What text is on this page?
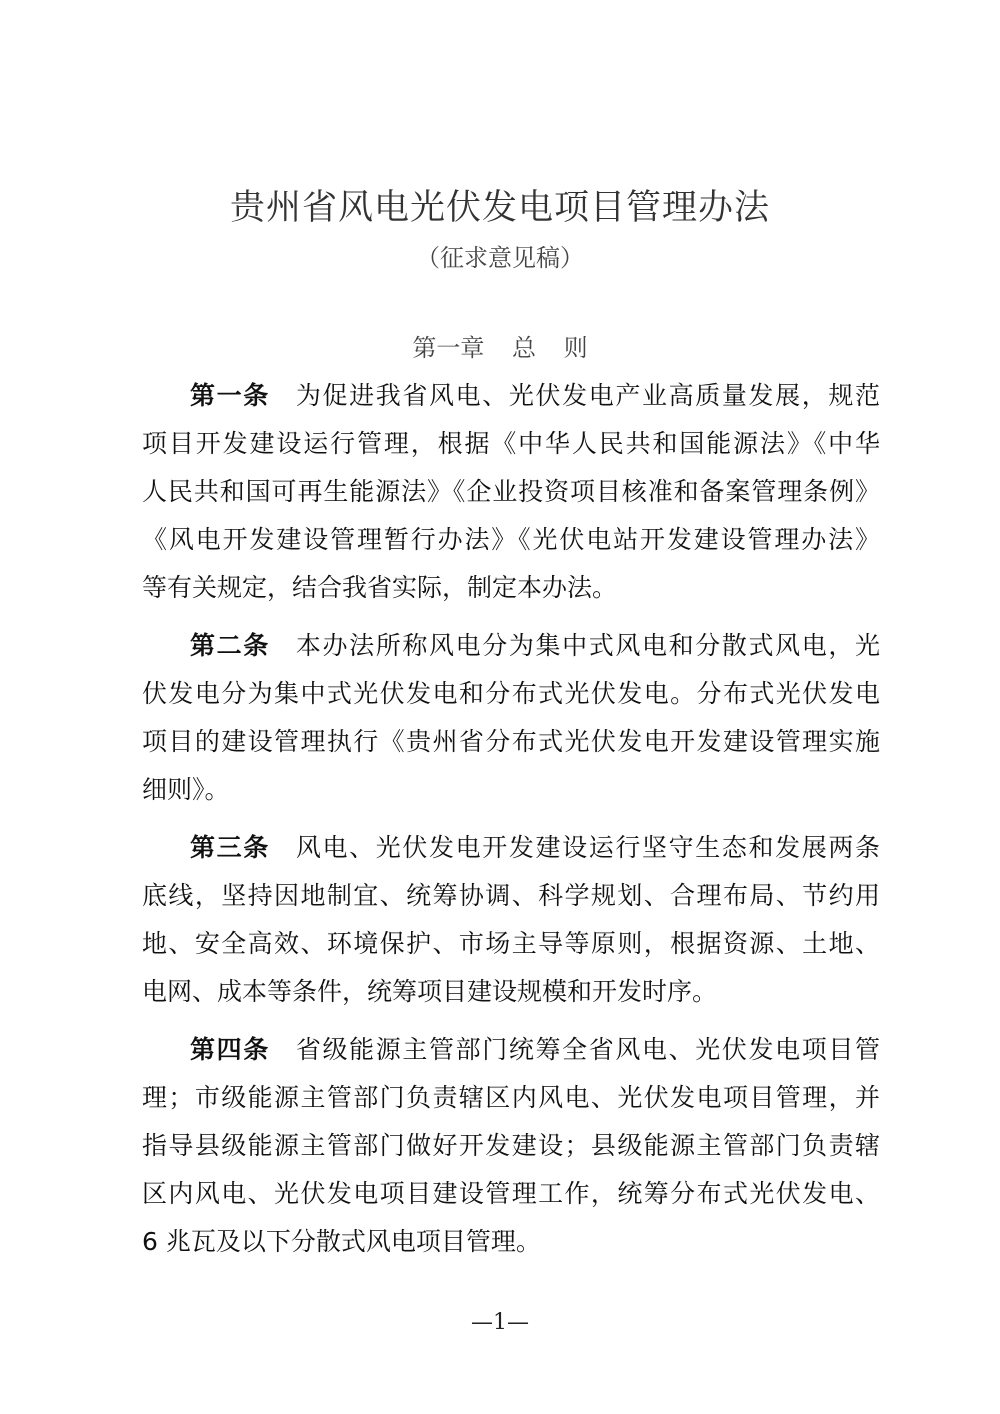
贵州省风电光伏发电项目管理办法
（征求意见稿）
第一章 总 则
第一条 为促进我省风电、光伏发电产业高质量发展，规范
项目开发建设运行管理，根据《中华人民共和国能源法》《中华
人民共和国可再生能源法》《企业投资项目核准和备案管理条例》
《风电开发建设管理暂行办法》《光伏电站开发建设管理办法》
等有关规定，结合我省实际，制定本办法。
第二条 本办法所称风电分为集中式风电和分散式风电，光
伏发电分为集中式光伏发电和分布式光伏发电。分布式光伏发电
项目的建设管理执行《贵州省分布式光伏发电开发建设管理实施
细则》。
第三条 风电、光伏发电开发建设运行坚守生态和发展两条
底线，坚持因地制宜、统筹协调、科学规划、合理布局、节约用
地、安全高效、环境保护、市场主导等原则，根据资源、土地、
电网、成本等条件，统筹项目建设规模和开发时序。
第四条 省级能源主管部门统筹全省风电、光伏发电项目管
理；市级能源主管部门负责辖区内风电、光伏发电项目管理，并
指导县级能源主管部门做好开发建设；县级能源主管部门负责辖
区内风电、光伏发电项目建设管理工作，统筹分布式光伏发电、
6 兆瓦及以下分散式风电项目管理。
—1—
